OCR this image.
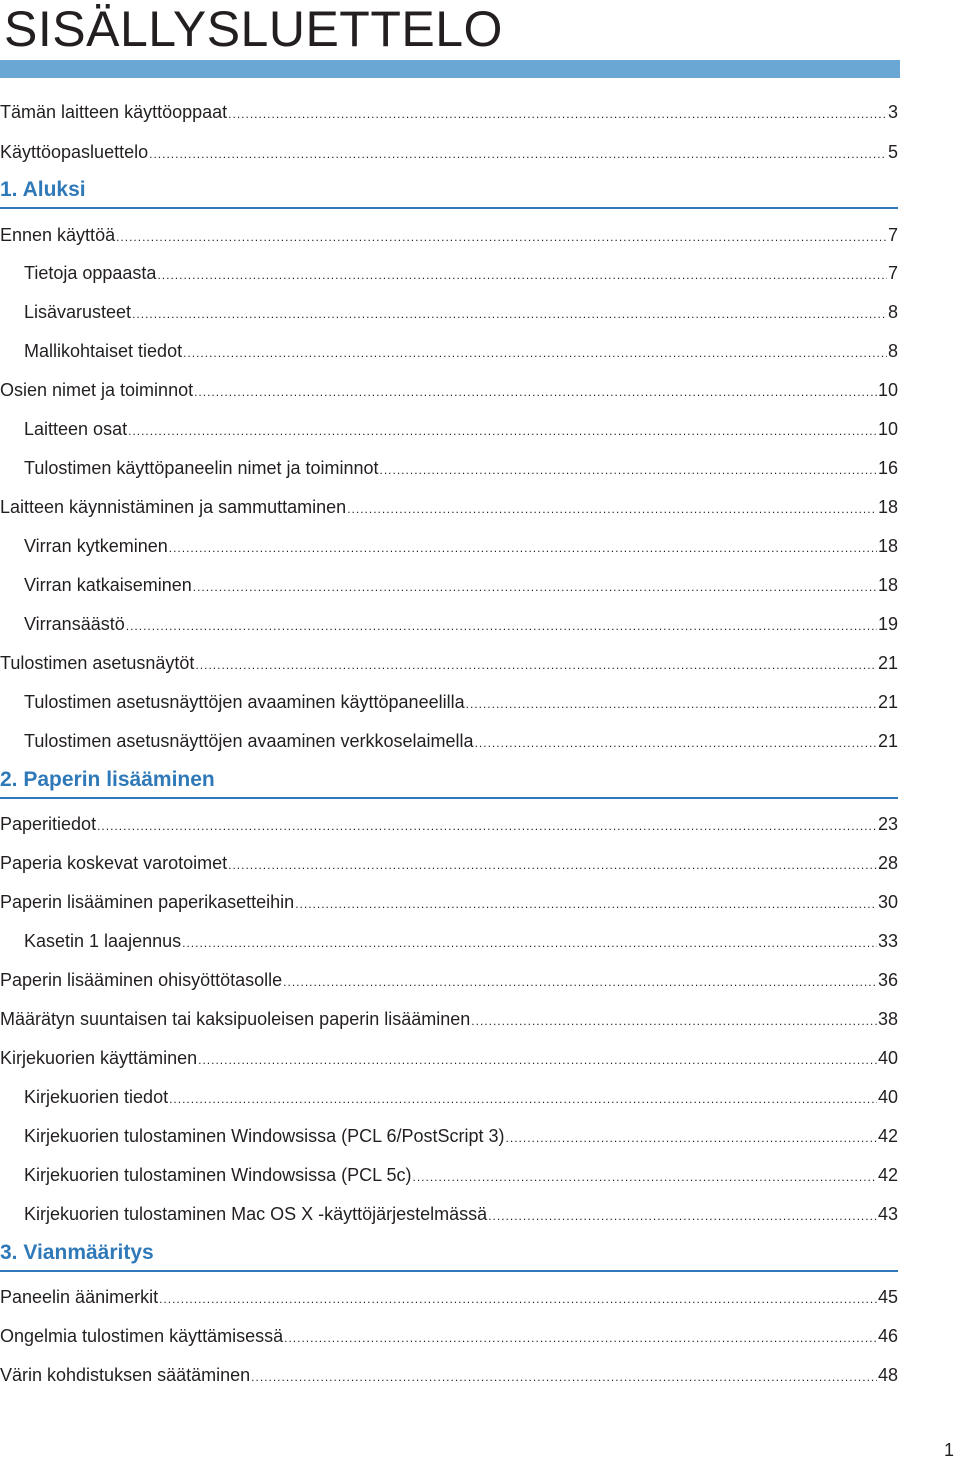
SISÄLLYSLUETTELO
Tämän laitteen käyttöoppaat .....	3
Käyttöopasluettelo .....	5
1. Aluksi
Ennen käyttöä .....	7
Tietoja oppaasta .....	7
Lisävarusteet .....	8
Mallikohtaiset tiedot .....	8
Osien nimet ja toiminnot .....	10
Laitteen osat .....	10
Tulostimen käyttöpaneelin nimet ja toiminnot .....	16
Laitteen käynnistäminen ja sammuttaminen .....	18
Virran kytkeminen .....	18
Virran katkaiseminen .....	18
Virransäästö .....	19
Tulostimen asetusnäytöt .....	21
Tulostimen asetusnäyttöjen avaaminen käyttöpaneelilla .....	21
Tulostimen asetusnäyttöjen avaaminen verkkoselaimella .....	21
2. Paperin lisääminen
Paperitiedot .....	23
Paperia koskevat varotoimet .....	28
Paperin lisääminen paperikasetteihin .....	30
Kasetin 1 laajennus .....	33
Paperin lisääminen ohisyöttötasolle .....	36
Määrätyn suuntaisen tai kaksipuoleisen paperin lisääminen .....	38
Kirjekuorien käyttäminen .....	40
Kirjekuorien tiedot .....	40
Kirjekuorien tulostaminen Windowsissa (PCL 6/PostScript 3) .....	42
Kirjekuorien tulostaminen Windowsissa (PCL 5c) .....	42
Kirjekuorien tulostaminen Mac OS X -käyttöjärjestelmässä .....	43
3. Vianmääritys
Paneelin äänimerkit .....	45
Ongelmia tulostimen käyttämisessä .....	46
Värin kohdistuksen säätäminen .....	48
1
